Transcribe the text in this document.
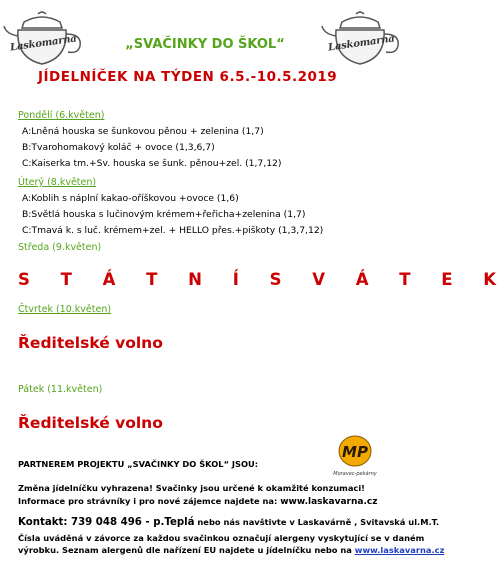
Laskomarna	Laskomarna
„SVAČINKY DO ŠKOL“
JÍDELNÍČEK NA TÝDEN 6.5.-10.5.2019
Pondělí (6.květen)
A:Lněná houska se šunkovou pěnou + zelenina (1,7)
B:Tvarohomakový koláč + ovoce (1,3,6,7)
C:Kaiserka tm.+Sv. houska se šunk. pěnou+zel. (1,7,12)
Úterý (8.květen)
A:Koblih s náplní kakao-oříškovou +ovoce (1,6)
B:Světlá houska s lučinovým krémem+řeřicha+zelenina (1,7)
C:Tmavá k. s luč. krémem+zel. + HELLO přes.+piškoty (1,3,7,12)
Středa (9.květen)
S T Á T N Í S V Á T E K
Čtvrtek (10.květen)
Ředitelské volno
Pátek (11.květen)
Ředitelské volno
MP
Moravec-pekárny
PARTNEREM PROJEKTU „SVAČINKY DO ŠKOL“ JSOU:
Změna jídelníčku vyhrazena! Svačinky jsou určené k okamžité konzumaci!
Informace pro strávníky i pro nové zájemce najdete na: www.laskavarna.cz
Kontakt: 739 048 496 - p.Teplá nebo nás navštivte v Laskavárně , Svitavská ul.M.T.
Čísla uváděná v závorce za každou svačinkou označují alergeny vyskytující se v daném
výrobku. Seznam alergenů dle nařízení EU najdete u jídelníčku nebo na www.laskavarna.cz
